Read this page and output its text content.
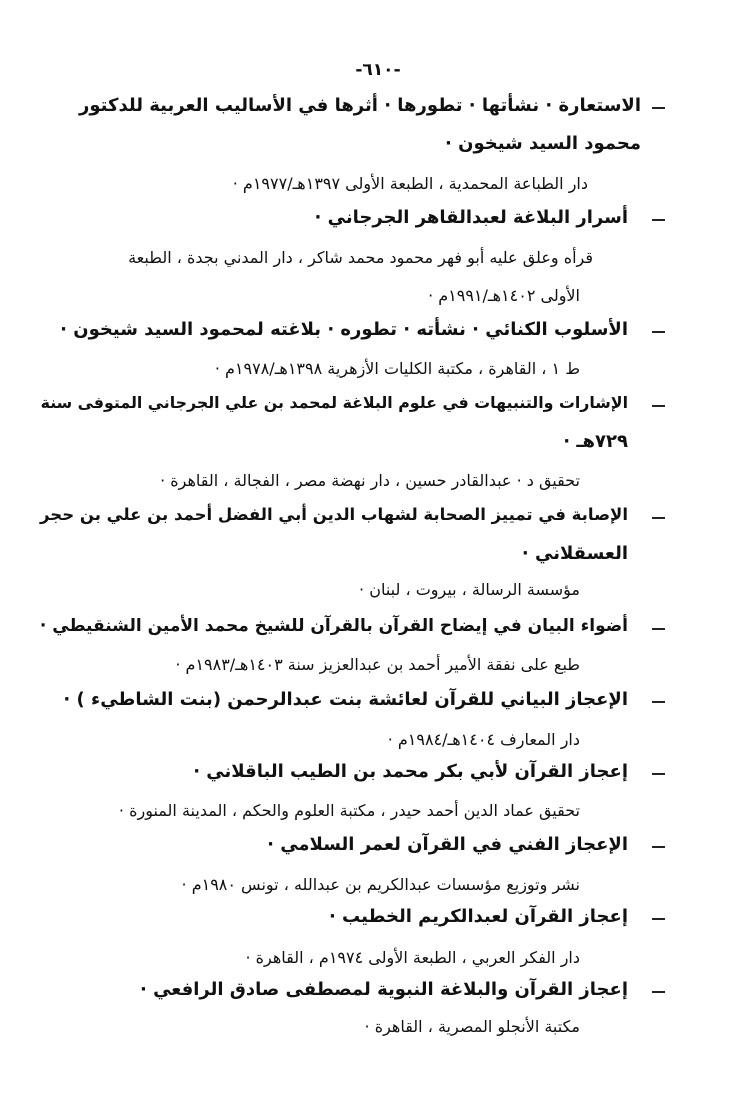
-٦١٠-
الاستعارة · نشأتها · تطورها · أثرها في الأساليب العربية للدكتور
محمود السيد شيخون ·
دار الطباعة المحمدية ، الطبعة الأولى ١٣٩٧هـ/١٩٧٧م ·
أسرار البلاغة لعبدالقاهر الجرجاني ·
قرأه وعلق عليه أبو فهر محمود محمد شاكر ، دار المدني بجدة ، الطبعة
الأولى ١٤٠٢هـ/١٩٩١م ·
الأسلوب الكنائي · نشأته · تطوره · بلاغته لمحمود السيد شيخون ·
ط ١ ، القاهرة ، مكتبة الكليات الأزهرية ١٣٩٨هـ/١٩٧٨م ·
الإشارات والتنبيهات في علوم البلاغة لمحمد بن علي الجرجاني المتوفى سنة
٧٢٩هـ ·
تحقيق د · عبدالقادر حسين ، دار نهضة مصر ، الفجالة ، القاهرة ·
الإصابة في تمييز الصحابة لشهاب الدين أبي الفضل أحمد بن علي بن حجر
العسقلاني ·
مؤسسة الرسالة ، بيروت ، لبنان ·
أضواء البيان في إيضاح القرآن بالقرآن للشيخ محمد الأمين الشنقيطي ·
طبع على نفقة الأمير أحمد بن عبدالعزيز سنة ١٤٠٣هـ/١٩٨٣م ·
الإعجاز البياني للقرآن لعائشة بنت عبدالرحمن (بنت الشاطيء ) ·
دار المعارف ١٤٠٤هـ/١٩٨٤م ·
إعجاز القرآن لأبي بكر محمد بن الطيب الباقلاني ·
تحقيق عماد الدين أحمد حيدر ، مكتبة العلوم والحكم ، المدينة المنورة ·
الإعجاز الفني في القرآن لعمر السلامي ·
نشر وتوزيع مؤسسات عبدالكريم بن عبدالله ، تونس ١٩٨٠م ·
إعجاز القرآن لعبدالكريم الخطيب ·
دار الفكر العربي ، الطبعة الأولى ١٩٧٤م ، القاهرة ·
إعجاز القرآن والبلاغة النبوية لمصطفى صادق الرافعي ·
مكتبة الأنجلو المصرية ، القاهرة ·
